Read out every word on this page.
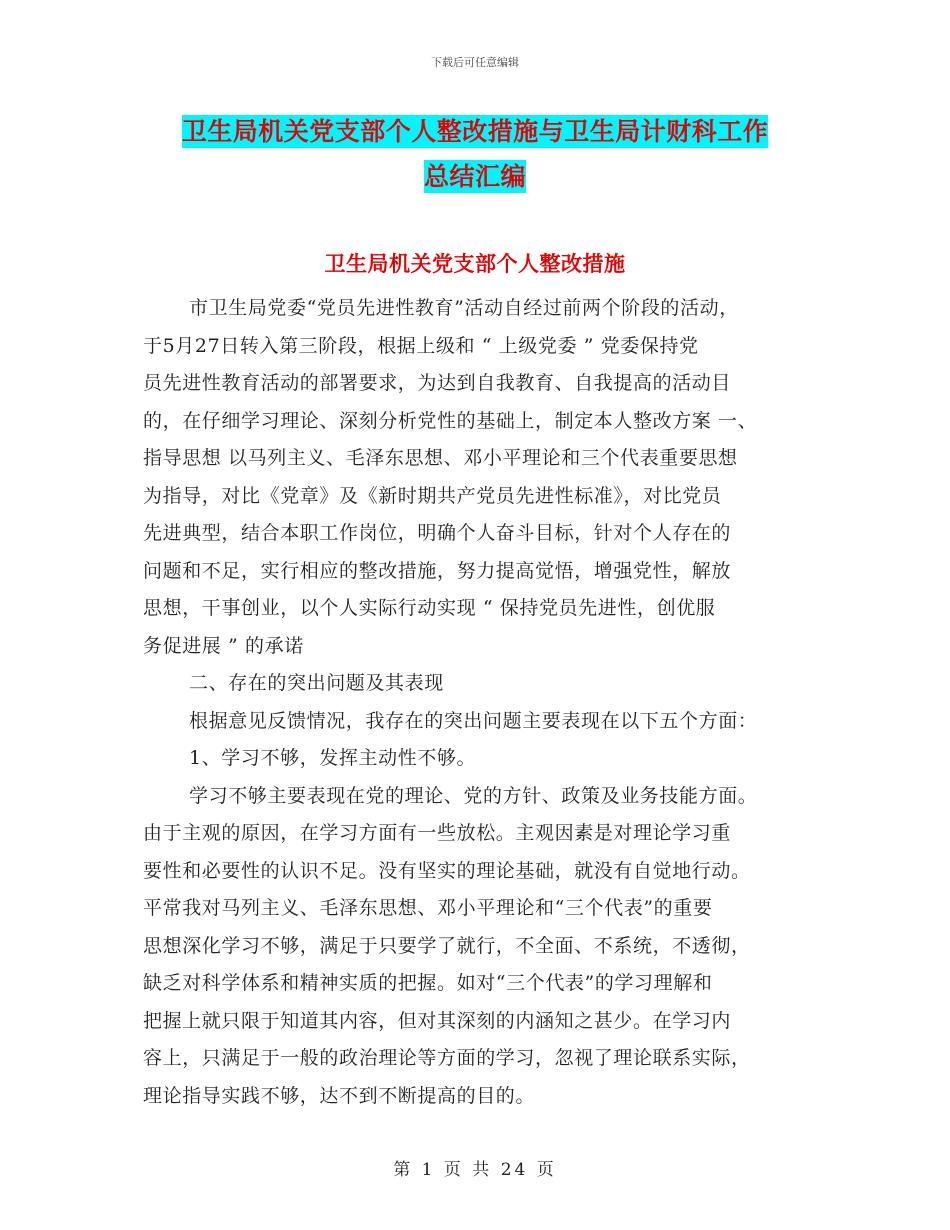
下载后可任意编辑
卫生局机关党支部个人整改措施与卫生局计财科工作
总结汇编
卫生局机关党支部个人整改措施
市卫生局党委“党员先进性教育”活动自经过前两个阶段的活动，
于5月27日转入第三阶段，根据上级和 “ 上级党委 ” 党委保持党
员先进性教育活动的部署要求，为达到自我教育、自我提高的活动目
的，在仔细学习理论、深刻分析党性的基础上，制定本人整改方案 一、
指导思想 以马列主义、毛泽东思想、邓小平理论和三个代表重要思想
为指导，对比《党章》及《新时期共产党员先进性标准》，对比党员
先进典型，结合本职工作岗位，明确个人奋斗目标，针对个人存在的
问题和不足，实行相应的整改措施，努力提高觉悟，增强党性，解放
思想，干事创业，以个人实际行动实现 “ 保持党员先进性，创优服
务促进展 ” 的承诺
二、存在的突出问题及其表现
根据意见反馈情况，我存在的突出问题主要表现在以下五个方面：
1、学习不够，发挥主动性不够。
学习不够主要表现在党的理论、党的方针、政策及业务技能方面。
由于主观的原因，在学习方面有一些放松。主观因素是对理论学习重
要性和必要性的认识不足。没有坚实的理论基础，就没有自觉地行动。
平常我对马列主义、毛泽东思想、邓小平理论和“三个代表”的重要
思想深化学习不够，满足于只要学了就行，不全面、不系统，不透彻，
缺乏对科学体系和精神实质的把握。如对“三个代表”的学习理解和
把握上就只限于知道其内容，但对其深刻的内涵知之甚少。在学习内
容上，只满足于一般的政治理论等方面的学习，忽视了理论联系实际，
理论指导实践不够，达不到不断提高的目的。
第 1 页 共 24 页
